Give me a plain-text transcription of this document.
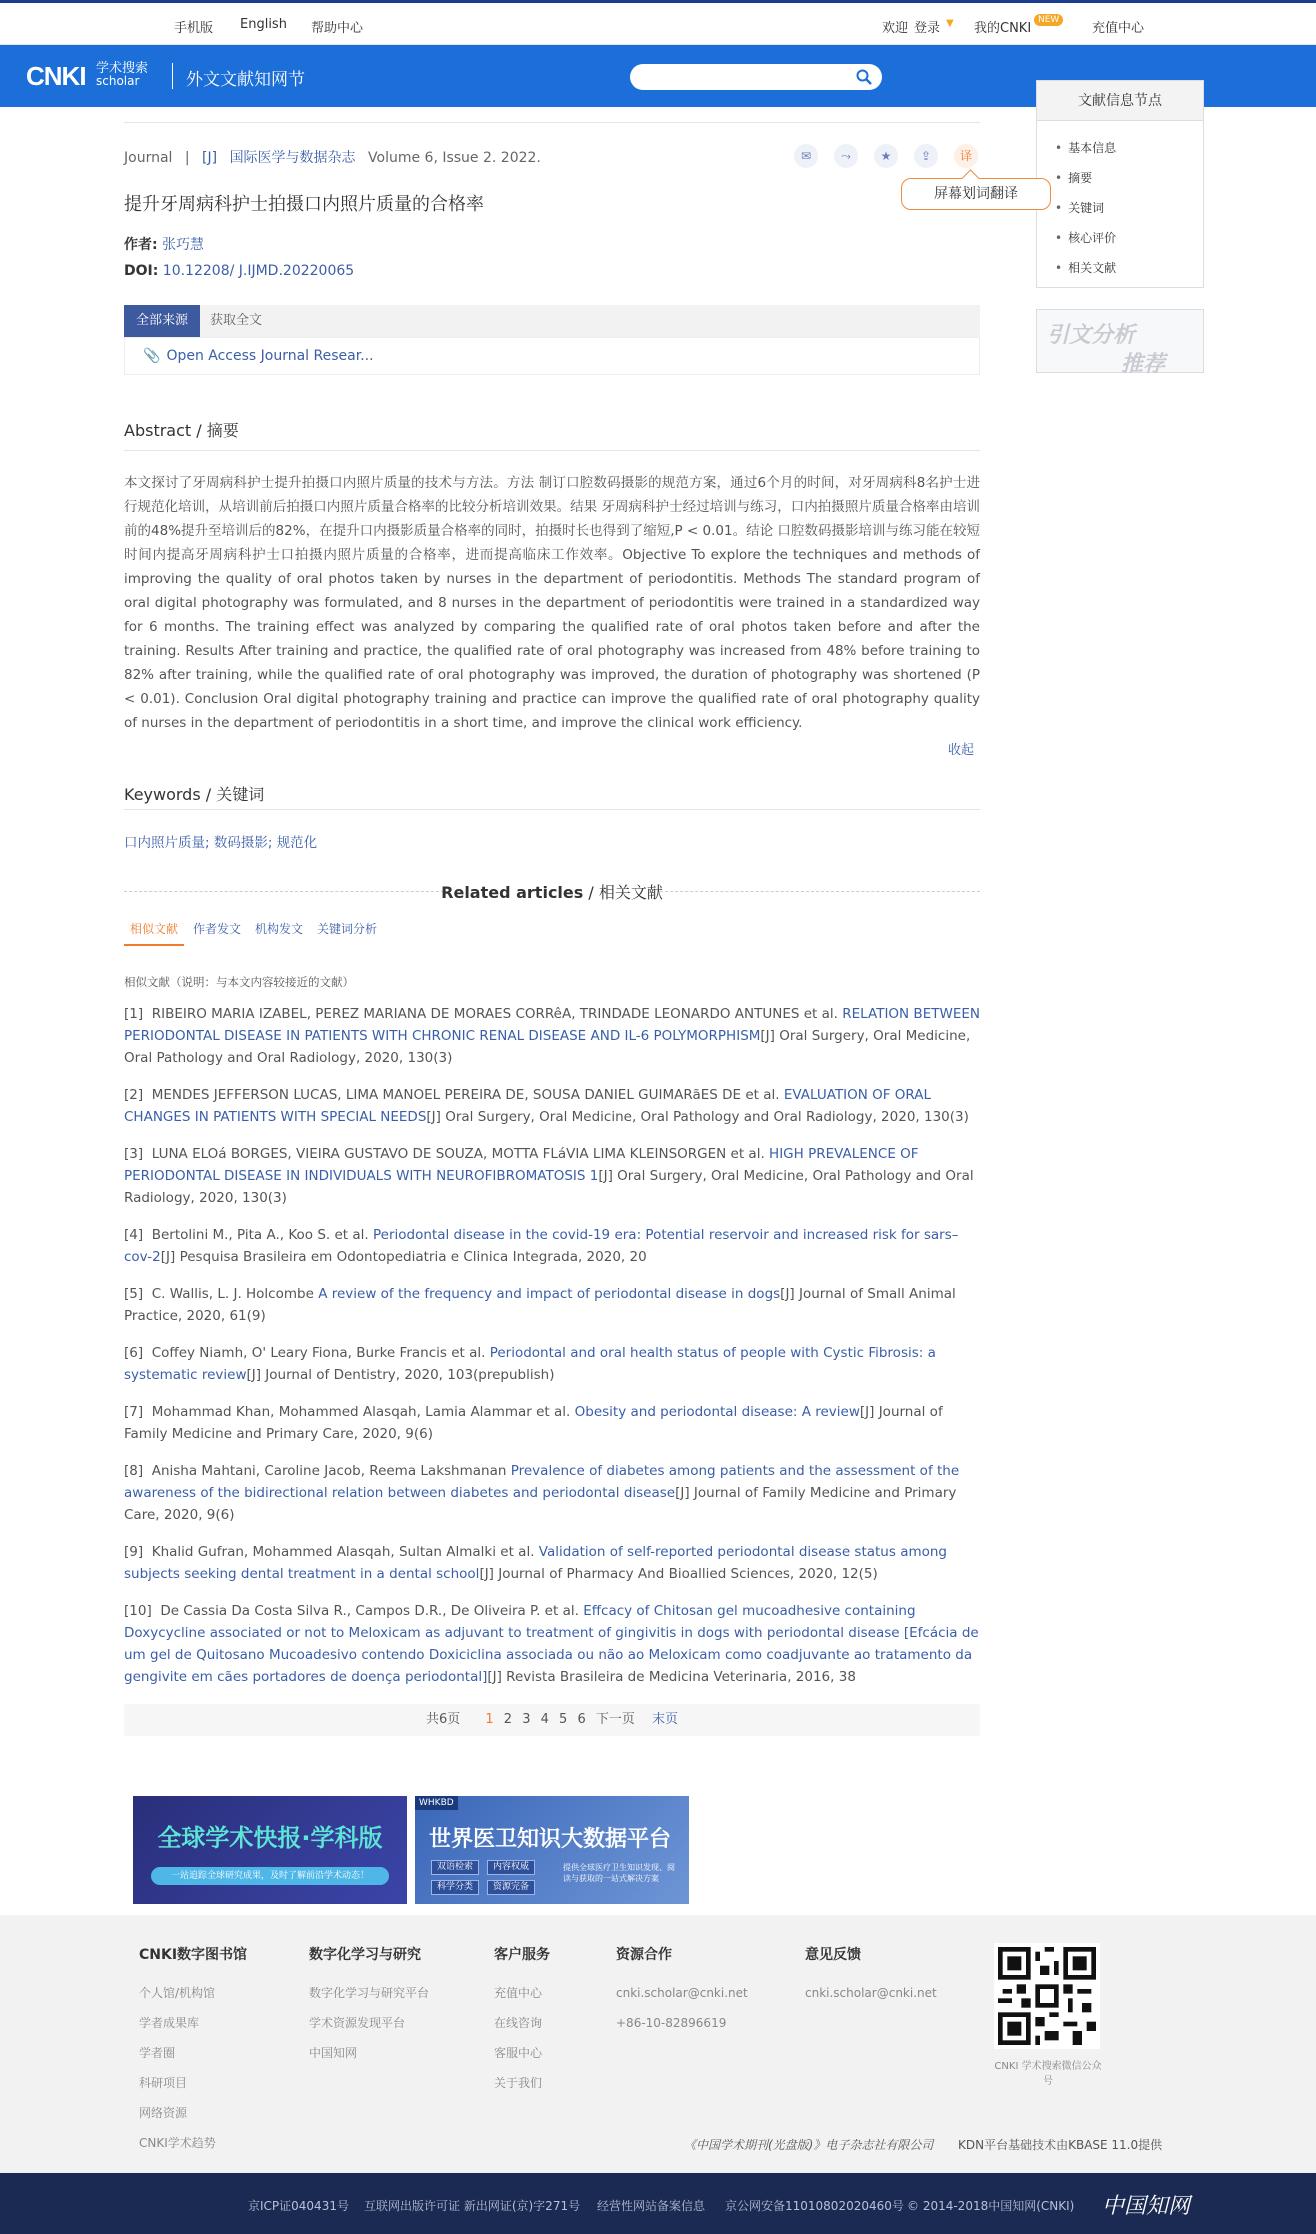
手机版 English 帮助中心	欢迎 登录 ▼ 我的CNKI
NEW
充值中心
CNKI 学术搜索
scholar	外文文献知网节
文献信息节点
• 基本信息
• 摘要
• 关键词
• 核心评价
• 相关文献
引文分析
推荐
Journal | [J] 国际医学与数据杂志 Volume 6, Issue 2. 2022.	✉	⤳	★	⇪	译
屏幕划词翻译
提升牙周病科护士拍摄口内照片质量的合格率
作者: 张巧慧
DOI: 10.12208/ J.IJMD.20220065
全部来源	获取全文
📎 Open Access Journal Resear...
Abstract / 摘要
本文探讨了牙周病科护士提升拍摄口内照片质量的技术与方法。方法 制订口腔数码摄影的规范方案，通过6个月的时间，对牙周病科8名护士进行规范化培训，从培训前后拍摄口内照片质量合格率的比较分析培训效果。结果 牙周病科护士经过培训与练习，口内拍摄照片质量合格率由培训前的48%提升至培训后的82%，在提升口内摄影质量合格率的同时，拍摄时长也得到了缩短,P < 0.01。结论 口腔数码摄影培训与练习能在较短时间内提高牙周病科护士口拍摄内照片质量的合格率，进而提高临床工作效率。Objective To explore the techniques and methods of improving the quality of oral photos taken by nurses in the department of periodontitis. Methods The standard program of oral digital photography was formulated, and 8 nurses in the department of periodontitis were trained in a standardized way for 6 months. The training effect was analyzed by comparing the qualified rate of oral photos taken before and after the training. Results After training and practice, the qualified rate of oral photography was increased from 48% before training to 82% after training, while the qualified rate of oral photography was improved, the duration of photography was shortened (P < 0.01). Conclusion Oral digital photography training and practice can improve the qualified rate of oral photography quality of nurses in the department of periodontitis in a short time, and improve the clinical work efficiency.
收起
Keywords / 关键词
口内照片质量; 数码摄影; 规范化
Related articles / 相关文献
相似文献	作者发文 机构发文 关键词分析
相似文献（说明：与本文内容较接近的文献）
[1] RIBEIRO MARIA IZABEL, PEREZ MARIANA DE MORAES CORRêA, TRINDADE LEONARDO ANTUNES et al. RELATION BETWEEN PERIODONTAL DISEASE IN PATIENTS WITH CHRONIC RENAL DISEASE AND IL-6 POLYMORPHISM[J] Oral Surgery, Oral Medicine, Oral Pathology and Oral Radiology, 2020, 130(3)
[2] MENDES JEFFERSON LUCAS, LIMA MANOEL PEREIRA DE, SOUSA DANIEL GUIMARãES DE et al. EVALUATION OF ORAL CHANGES IN PATIENTS WITH SPECIAL NEEDS[J] Oral Surgery, Oral Medicine, Oral Pathology and Oral Radiology, 2020, 130(3)
[3] LUNA ELOá BORGES, VIEIRA GUSTAVO DE SOUZA, MOTTA FLáVIA LIMA KLEINSORGEN et al. HIGH PREVALENCE OF PERIODONTAL DISEASE IN INDIVIDUALS WITH NEUROFIBROMATOSIS 1[J] Oral Surgery, Oral Medicine, Oral Pathology and Oral Radiology, 2020, 130(3)
[4] Bertolini M., Pita A., Koo S. et al. Periodontal disease in the covid-19 era: Potential reservoir and increased risk for sars–cov-2[J] Pesquisa Brasileira em Odontopediatria e Clinica Integrada, 2020, 20
[5] C. Wallis, L. J. Holcombe A review of the frequency and impact of periodontal disease in dogs[J] Journal of Small Animal Practice, 2020, 61(9)
[6] Coffey Niamh, O' Leary Fiona, Burke Francis et al. Periodontal and oral health status of people with Cystic Fibrosis: a systematic review[J] Journal of Dentistry, 2020, 103(prepublish)
[7] Mohammad Khan, Mohammed Alasqah, Lamia Alammar et al. Obesity and periodontal disease: A review[J] Journal of Family Medicine and Primary Care, 2020, 9(6)
[8] Anisha Mahtani, Caroline Jacob, Reema Lakshmanan Prevalence of diabetes among patients and the assessment of the awareness of the bidirectional relation between diabetes and periodontal disease[J] Journal of Family Medicine and Primary Care, 2020, 9(6)
[9] Khalid Gufran, Mohammed Alasqah, Sultan Almalki et al. Validation of self-reported periodontal disease status among subjects seeking dental treatment in a dental school[J] Journal of Pharmacy And Bioallied Sciences, 2020, 12(5)
[10] De Cassia Da Costa Silva R., Campos D.R., De Oliveira P. et al. Effcacy of Chitosan gel mucoadhesive containing Doxycycline associated or not to Meloxicam as adjuvant to treatment of gingivitis in dogs with periodontal disease [Efcácia de um gel de Quitosano Mucoadesivo contendo Doxiciclina associada ou não ao Meloxicam como coadjuvante ao tratamento da gengivite em cães portadores de doença periodontal][J] Revista Brasileira de Medicina Veterinaria, 2016, 38
共6页 1 2 3 4 5 6 下一页 末页
全球学术快报·学科版
一站追踪全球研究成果，及时了解前沿学术动态！
WHKBD
世界医卫知识大数据平台
双语检索	内容权威
科学分类	资源完备
提供全球医疗卫生知识发现、阅读与获取的一站式解决方案
CNKI数字图书馆
个人馆/机构馆
学者成果库
学者圈
科研项目
网络资源
CNKI学术趋势
数字化学习与研究
数字化学习与研究平台
学术资源发现平台
中国知网
客户服务
充值中心
在线咨询
客服中心
关于我们
资源合作
cnki.scholar@cnki.net
+86-10-82896619
意见反馈
cnki.scholar@cnki.net
CNKI 学术搜索微信公众号
《中国学术期刊(光盘版)》电子杂志社有限公司 KDN平台基础技术由KBASE 11.0提供
京ICP证040431号 互联网出版许可证 新出网证(京)字271号 经营性网站备案信息 京公网安备11010802020460号 © 2014-2018中国知网(CNKI) 中国知网
